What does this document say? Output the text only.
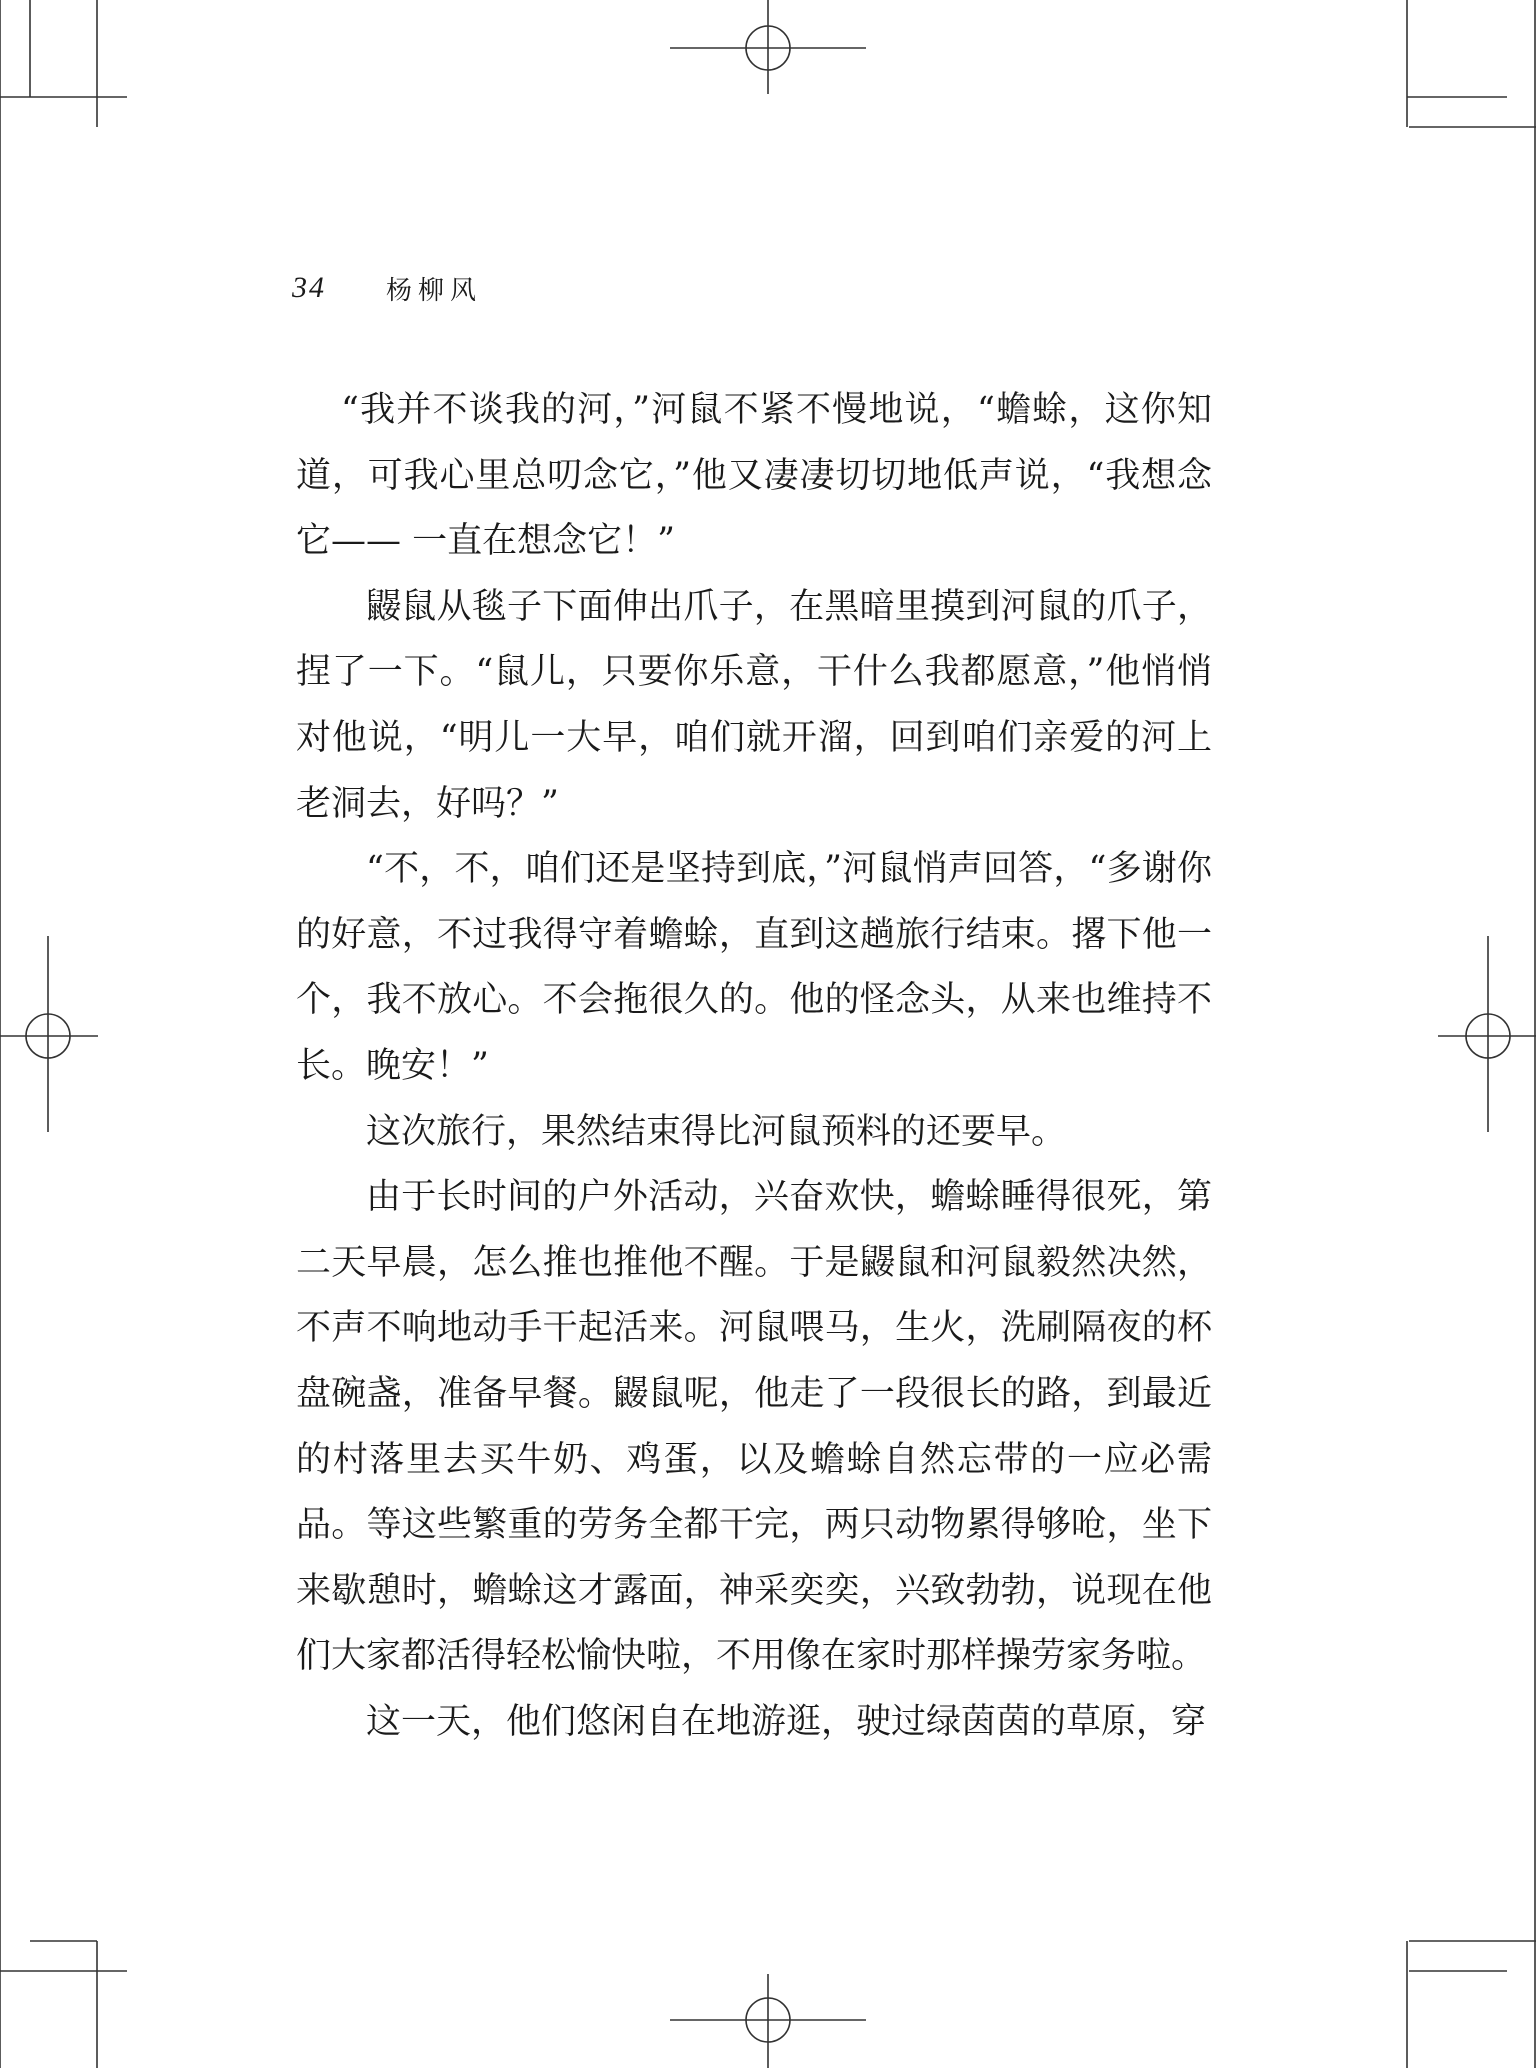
34 杨柳风

“我并不谈我的河，”河鼠不紧不慢地说，“蟾蜍，这你知道，可我心里总叨念它，”他又凄凄切切地低声说，“我想念它—— 一直在想念它！”

鼹鼠从毯子下面伸出爪子，在黑暗里摸到河鼠的爪子，捏了一下。“鼠儿，只要你乐意，干什么我都愿意，”他悄悄对他说，“明儿一大早，咱们就开溜，回到咱们亲爱的河上老洞去，好吗？”

“不，不，咱们还是坚持到底，”河鼠悄声回答，“多谢你的好意，不过我得守着蟾蜍，直到这趟旅行结束。撂下他一个，我不放心。不会拖很久的。他的怪念头，从来也维持不长。晚安！”

这次旅行，果然结束得比河鼠预料的还要早。

由于长时间的户外活动，兴奋欢快，蟾蜍睡得很死，第二天早晨，怎么推也推他不醒。于是鼹鼠和河鼠毅然决然，不声不响地动手干起活来。河鼠喂马，生火，洗刷隔夜的杯盘碗盏，准备早餐。鼹鼠呢，他走了一段很长的路，到最近的村落里去买牛奶、鸡蛋，以及蟾蜍自然忘带的一应必需品。等这些繁重的劳务全都干完，两只动物累得够呛，坐下来歇憩时，蟾蜍这才露面，神采奕奕，兴致勃勃，说现在他们大家都活得轻松愉快啦，不用像在家时那样操劳家务啦。

这一天，他们悠闲自在地游逛，驶过绿茵茵的草原，穿
